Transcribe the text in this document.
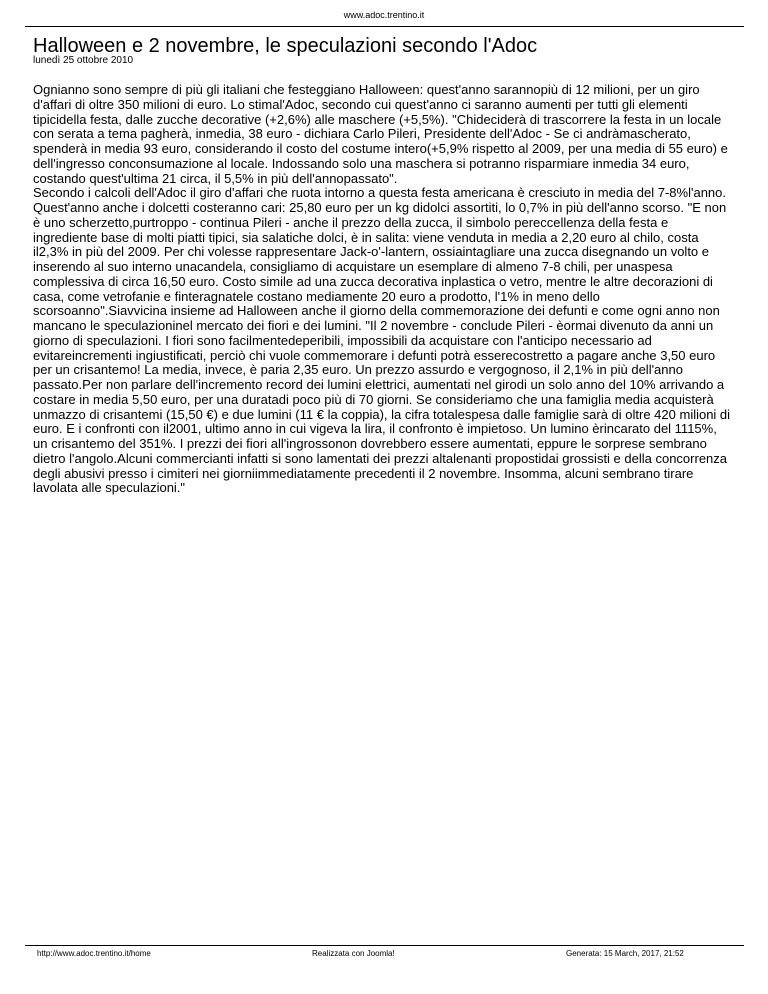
www.adoc.trentino.it
Halloween e 2 novembre, le speculazioni secondo l'Adoc
lunedì 25 ottobre 2010

Ognianno sono sempre di più gli italiani che festeggiano Halloween: quest'anno sarannopiù di 12 milioni, per un giro d'affari di oltre 350 milioni di euro. Lo stimal'Adoc, secondo cui quest'anno ci saranno aumenti per tutti gli elementi tipicidella festa, dalle zucche decorative (+2,6%) alle maschere (+5,5%). "Chideciderà di trascorrere la festa in un locale con serata a tema pagherà, inmedia, 38 euro - dichiara Carlo Pileri, Presidente dell'Adoc - Se ci andràmascherato, spenderà in media 93 euro, considerando il costo del costume intero(+5,9% rispetto al 2009, per una media di 55 euro) e dell'ingresso conconsumazione al locale. Indossando solo una maschera si potranno risparmiare inmedia 34 euro, costando quest'ultima 21 circa, il 5,5% in più dell'annopassato".

Secondo i calcoli dell'Adoc il giro d'affari che ruota intorno a questa festa americana è cresciuto in media del 7-8%l'anno. Quest'anno anche i dolcetti costeranno cari: 25,80 euro per un kg didolci assortiti, lo 0,7% in più dell'anno scorso. "E non è uno scherzetto,purtroppo - continua Pileri - anche il prezzo della zucca, il simbolo pereccellenza della festa e ingrediente base di molti piatti tipici, sia salatiche dolci, è in salita: viene venduta in media a 2,20 euro al chilo, costa il2,3% in più del 2009. Per chi volesse rappresentare Jack-o'-lantern, ossiaintagliare una zucca disegnando un volto e inserendo al suo interno unacandela, consigliamo di acquistare un esemplare di almeno 7-8 chili, per unaspesa complessiva di circa 16,50 euro. Costo simile ad una zucca decorativa inplastica o vetro, mentre le altre decorazioni di casa, come vetrofanie e finteragnatele costano mediamente 20 euro a prodotto, l'1% in meno dello scorsoanno".Siavvicina insieme ad Halloween anche il giorno della commemorazione dei defunti e come ogni anno non mancano le speculazioninel mercato dei fiori e dei lumini. "Il 2 novembre - conclude Pileri - èormai divenuto da anni un giorno di speculazioni. I fiori sono facilmentedeperibili, impossibili da acquistare con l'anticipo necessario ad evitareincrementi ingiustificati, perciò chi vuole commemorare i defunti potrà esserecostretto a pagare anche 3,50 euro per un crisantemo! La media, invece, è paria 2,35 euro. Un prezzo assurdo e vergognoso, il 2,1% in più dell'anno passato.Per non parlare dell'incremento record dei lumini elettrici, aumentati nel girodi un solo anno del 10% arrivando a costare in media 5,50 euro, per una duratadi poco più di 70 giorni. Se consideriamo che una famiglia media acquisterà unmazzo di crisantemi (15,50 €) e due lumini (11 € la coppia), la cifra totalespesa dalle famiglie sarà di oltre 420 milioni di euro. E i confronti con il2001, ultimo anno in cui vigeva la lira, il confronto è impietoso. Un lumino èrincarato del 1115%, un crisantemo del 351%. I prezzi dei fiori all'ingrossonon dovrebbero essere aumentati, eppure le sorprese sembrano dietro l'angolo.Alcuni commercianti infatti si sono lamentati dei prezzi altalenanti propostidai grossisti e della concorrenza degli abusivi presso i cimiteri nei giorniimmediatamente precedenti il 2 novembre. Insomma, alcuni sembrano tirare lavolata alle speculazioni."

http://www.adoc.trentino.it/home	Realizzata con Joomla!	Generata: 15 March, 2017, 21:52
